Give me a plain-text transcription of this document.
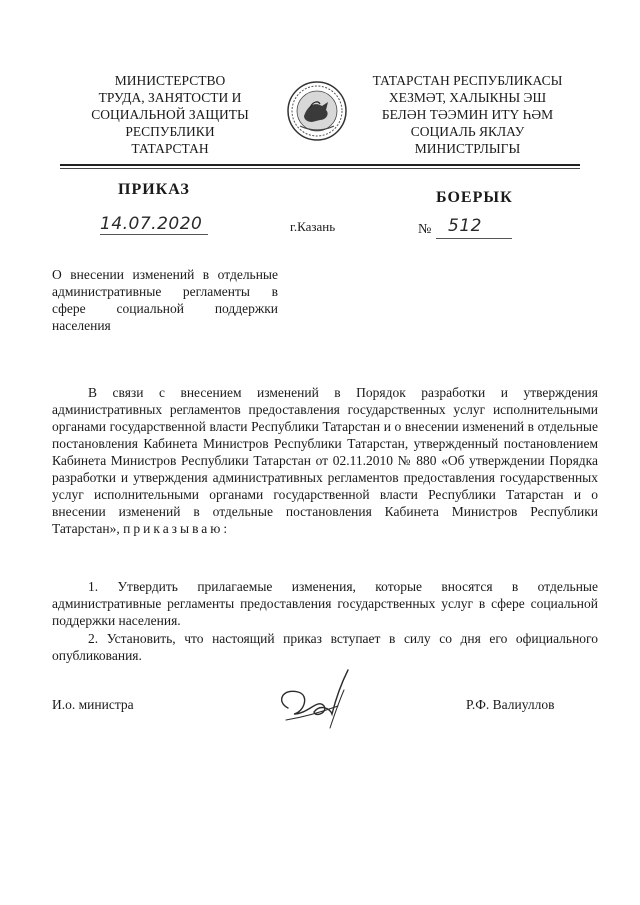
МИНИСТЕРСТВО
ТРУДА, ЗАНЯТОСТИ И
СОЦИАЛЬНОЙ ЗАЩИТЫ
РЕСПУБЛИКИ
ТАТАРСТАН
ТАТАРСТАН РЕСПУБЛИКАСЫ
ХЕЗМӘТ, ХАЛЫКНЫ ЭШ
БЕЛӘН ТӘЭМИН ИТҮ ҺӘМ
СОЦИАЛЬ ЯКЛАУ
МИНИСТРЛЫГЫ
ПРИКАЗ	БОЕРЫК
14.07.2020	г.Казань	№ 512
О внесении изменений в отдельные административные регламенты в сфере социальной поддержки населения
В связи с внесением изменений в Порядок разработки и утверждения административных регламентов предоставления государственных услуг исполнительными органами государственной власти Республики Татарстан и о внесении изменений в отдельные постановления Кабинета Министров Республики Татарстан, утвержденный постановлением Кабинета Министров Республики Татарстан от 02.11.2010 № 880 «Об утверждении Порядка разработки и утверждения административных регламентов предоставления государственных услуг исполнительными органами государственной власти Республики Татарстан и о внесении изменений в отдельные постановления Кабинета Министров Республики Татарстан», приказываю:
1. Утвердить прилагаемые изменения, которые вносятся в отдельные административные регламенты предоставления государственных услуг в сфере социальной поддержки населения.
2. Установить, что настоящий приказ вступает в силу со дня его официального опубликования.
И.о. министра	Р.Ф. Валиуллов
